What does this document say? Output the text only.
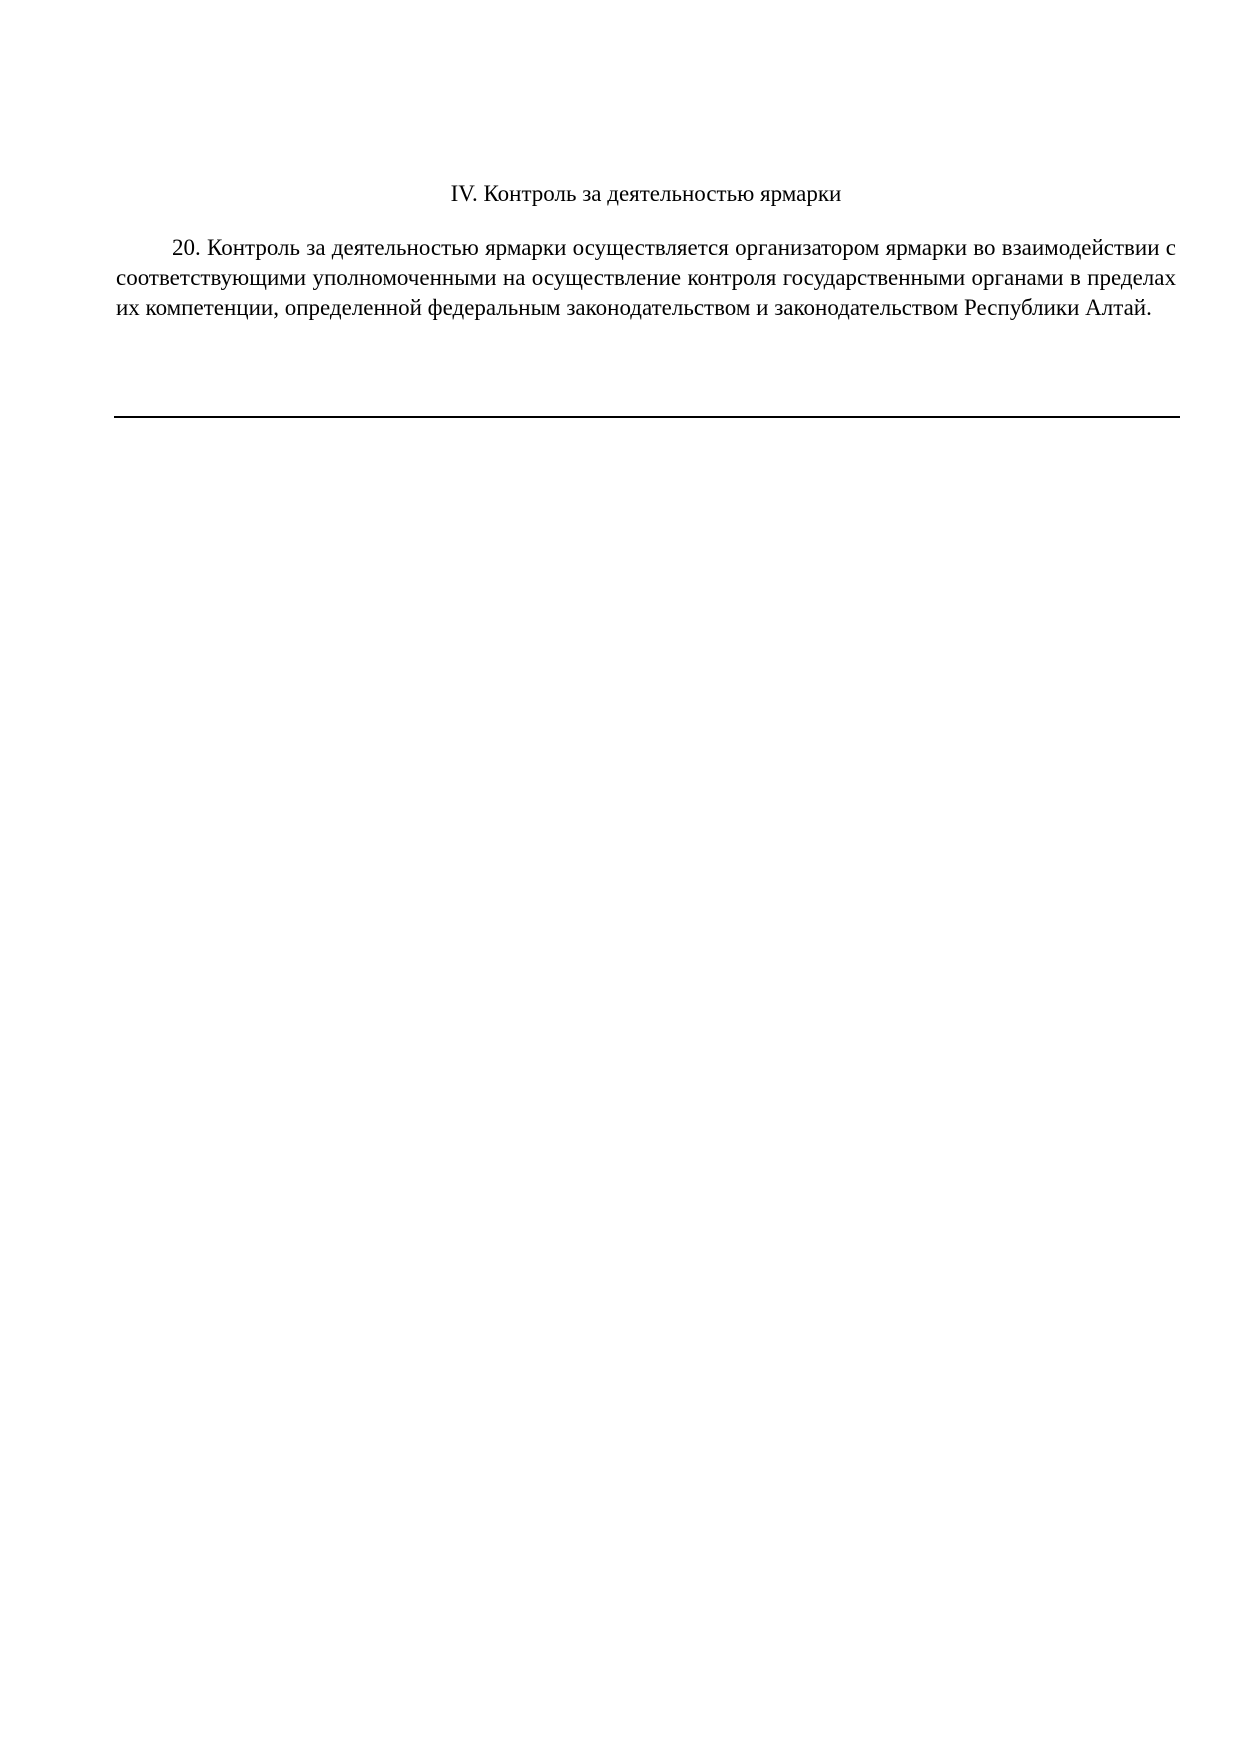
IV. Контроль за деятельностью ярмарки

20. Контроль за деятельностью ярмарки осуществляется организатором ярмарки во взаимодействии с соответствующими уполномоченными на осуществление контроля государственными органами в пределах их компетенции, определенной федеральным законодательством и законодательством Республики Алтай.
